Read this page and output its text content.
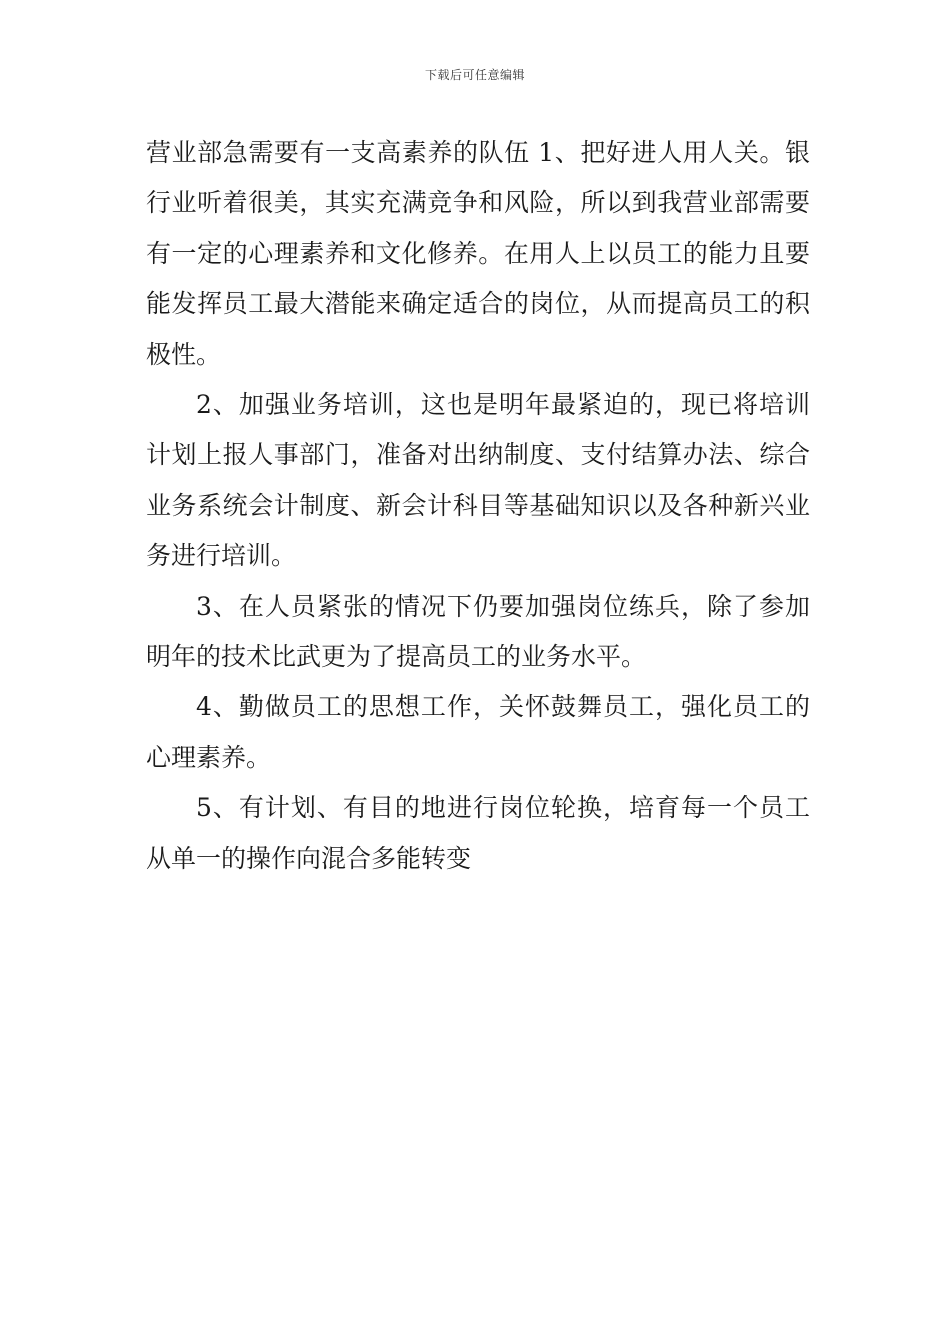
下载后可任意编辑

营业部急需要有一支高素养的队伍 1、把好进人用人关。银行业听着很美，其实充满竞争和风险，所以到我营业部需要有一定的心理素养和文化修养。在用人上以员工的能力且要能发挥员工最大潜能来确定适合的岗位，从而提高员工的积极性。

2、加强业务培训，这也是明年最紧迫的，现已将培训计划上报人事部门，准备对出纳制度、支付结算办法、综合业务系统会计制度、新会计科目等基础知识以及各种新兴业务进行培训。

3、在人员紧张的情况下仍要加强岗位练兵，除了参加明年的技术比武更为了提高员工的业务水平。

4、勤做员工的思想工作，关怀鼓舞员工，强化员工的心理素养。

5、有计划、有目的地进行岗位轮换，培育每一个员工从单一的操作向混合多能转变
